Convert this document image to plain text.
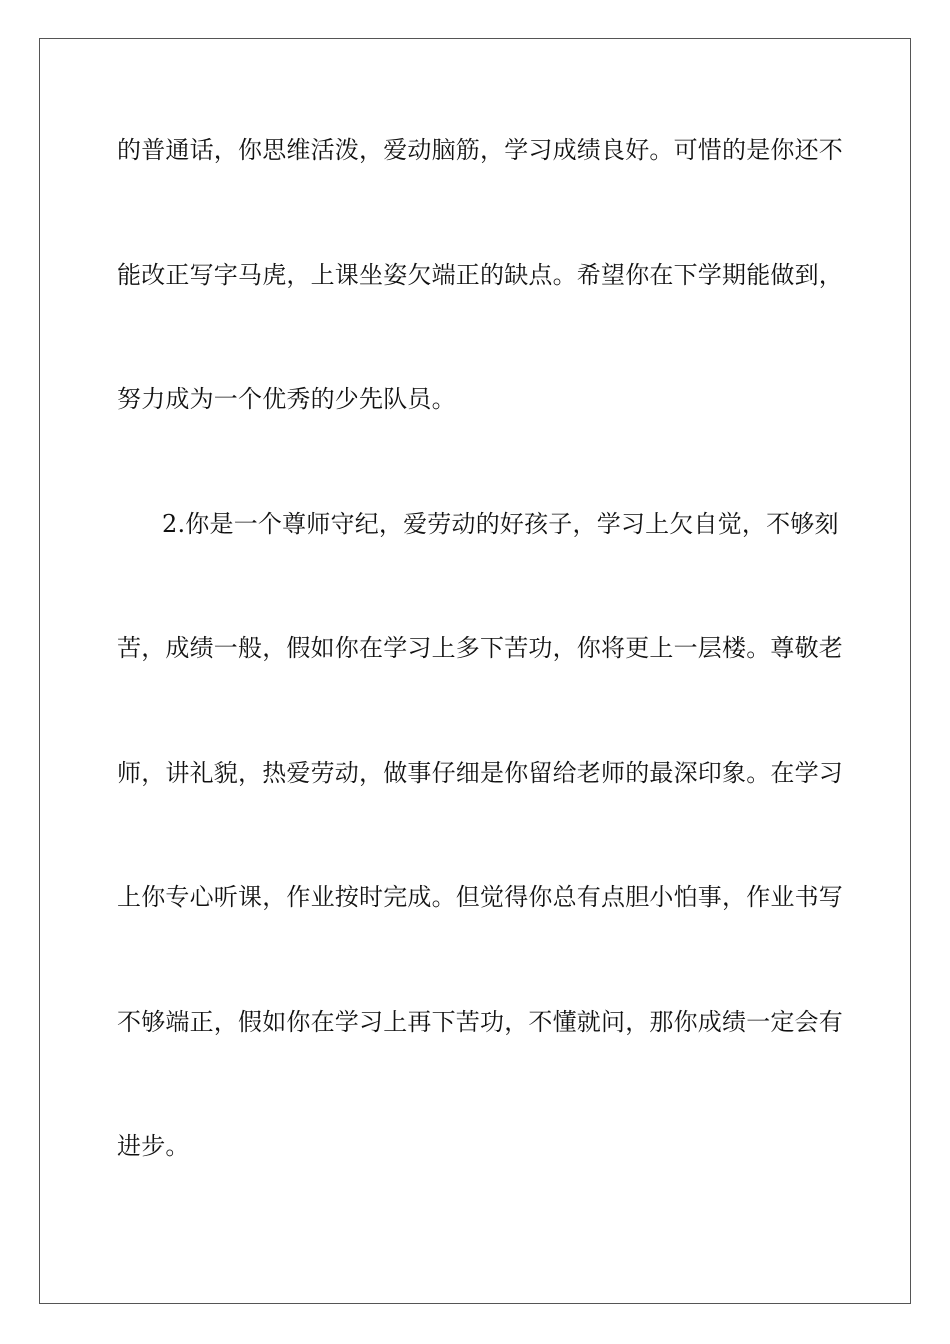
的普通话，你思维活泼，爱动脑筋，学习成绩良好。可惜的是你还不
能改正写字马虎，上课坐姿欠端正的缺点。希望你在下学期能做到，
努力成为一个优秀的少先队员。
2.你是一个尊师守纪，爱劳动的好孩子，学习上欠自觉，不够刻
苦，成绩一般，假如你在学习上多下苦功，你将更上一层楼。尊敬老
师，讲礼貌，热爱劳动，做事仔细是你留给老师的最深印象。在学习
上你专心听课，作业按时完成。但觉得你总有点胆小怕事，作业书写
不够端正，假如你在学习上再下苦功，不懂就问，那你成绩一定会有
进步。
